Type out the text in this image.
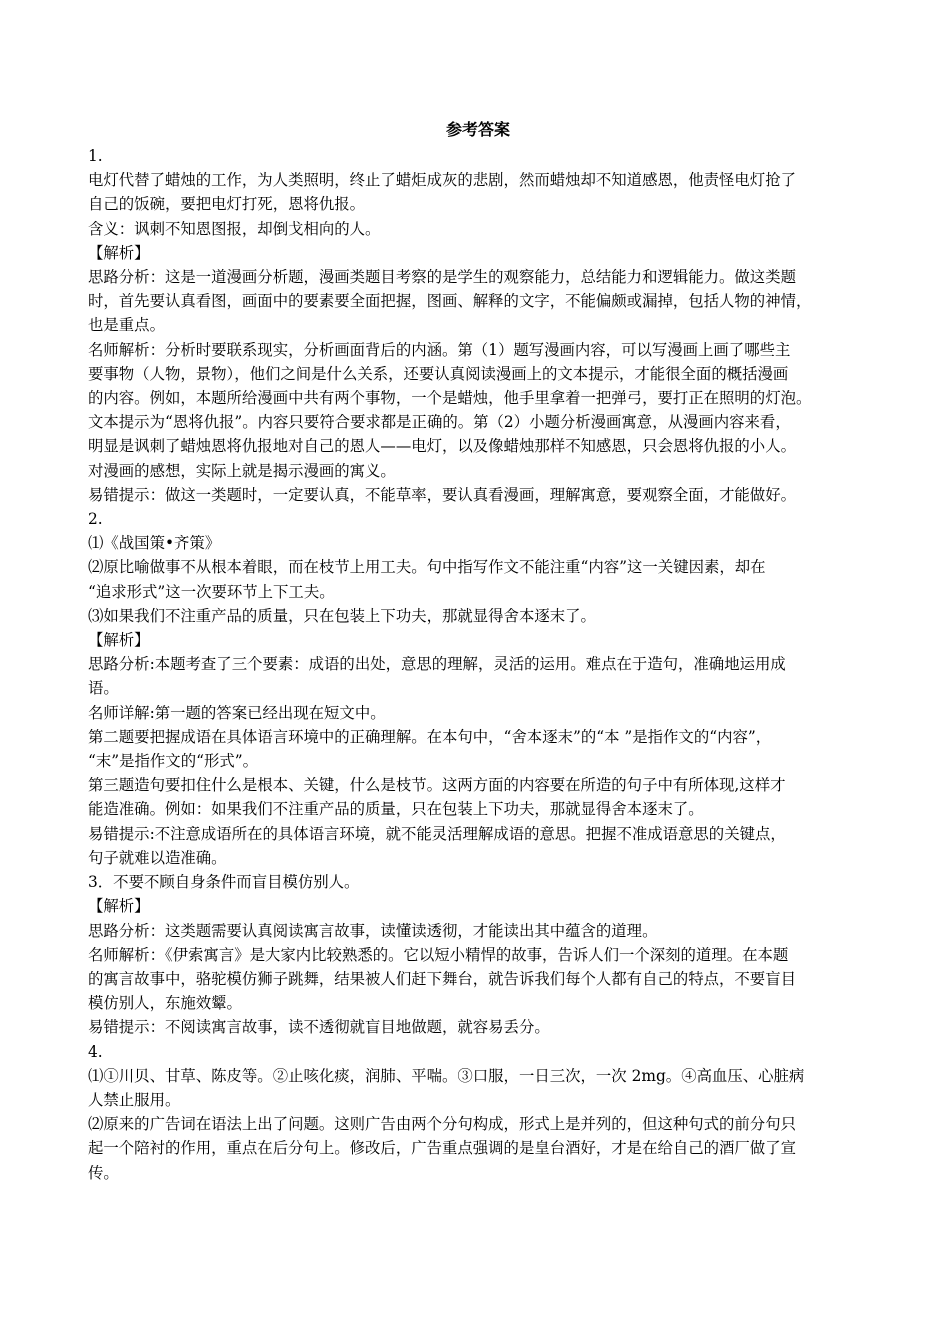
参考答案
1.
电灯代替了蜡烛的工作，为人类照明，终止了蜡炬成灰的悲剧，然而蜡烛却不知道感恩，他责怪电灯抢了
自己的饭碗，要把电灯打死，恩将仇报。
含义：讽刺不知恩图报，却倒戈相向的人。
【解析】
思路分析：这是一道漫画分析题，漫画类题目考察的是学生的观察能力，总结能力和逻辑能力。做这类题
时，首先要认真看图，画面中的要素要全面把握，图画、解释的文字，不能偏颇或漏掉，包括人物的神情，
也是重点。
名师解析：分析时要联系现实，分析画面背后的内涵。第（1）题写漫画内容，可以写漫画上画了哪些主
要事物（人物，景物），他们之间是什么关系，还要认真阅读漫画上的文本提示，才能很全面的概括漫画
的内容。例如，本题所给漫画中共有两个事物，一个是蜡烛，他手里拿着一把弹弓，要打正在照明的灯泡。
文本提示为“恩将仇报”。内容只要符合要求都是正确的。第（2）小题分析漫画寓意，从漫画内容来看，
明显是讽刺了蜡烛恩将仇报地对自己的恩人——电灯，以及像蜡烛那样不知感恩，只会恩将仇报的小人。
对漫画的感想，实际上就是揭示漫画的寓义。
易错提示：做这一类题时，一定要认真，不能草率，要认真看漫画，理解寓意，要观察全面，才能做好。
2.
⑴《战国策•齐策》
⑵原比喻做事不从根本着眼，而在枝节上用工夫。句中指写作文不能注重“内容”这一关键因素，却在
“追求形式”这一次要环节上下工夫。
⑶如果我们不注重产品的质量，只在包装上下功夫，那就显得舍本逐末了。
【解析】
思路分析:本题考查了三个要素：成语的出处，意思的理解，灵活的运用。难点在于造句，准确地运用成
语。
名师详解:第一题的答案已经出现在短文中。
第二题要把握成语在具体语言环境中的正确理解。在本句中，“舍本逐末”的“本 ”是指作文的“内容”，
“末”是指作文的“形式”。
第三题造句要扣住什么是根本、关键，什么是枝节。这两方面的内容要在所造的句子中有所体现,这样才
能造准确。例如：如果我们不注重产品的质量，只在包装上下功夫，那就显得舍本逐末了。
易错提示:不注意成语所在的具体语言环境，就不能灵活理解成语的意思。把握不准成语意思的关键点，
句子就难以造准确。
3．不要不顾自身条件而盲目模仿别人。
【解析】
思路分析：这类题需要认真阅读寓言故事，读懂读透彻，才能读出其中蕴含的道理。
名师解析：《伊索寓言》是大家内比较熟悉的。它以短小精悍的故事，告诉人们一个深刻的道理。在本题
的寓言故事中，骆驼模仿狮子跳舞，结果被人们赶下舞台，就告诉我们每个人都有自己的特点，不要盲目
模仿别人，东施效颦。
易错提示：不阅读寓言故事，读不透彻就盲目地做题，就容易丢分。
4.
⑴①川贝、甘草、陈皮等。②止咳化痰，润肺、平喘。③口服，一日三次，一次 2mg。④高血压、心脏病
人禁止服用。
⑵原来的广告词在语法上出了问题。这则广告由两个分句构成，形式上是并列的，但这种句式的前分句只
起一个陪衬的作用，重点在后分句上。修改后，广告重点强调的是皇台酒好，才是在给自己的酒厂做了宣
传。
